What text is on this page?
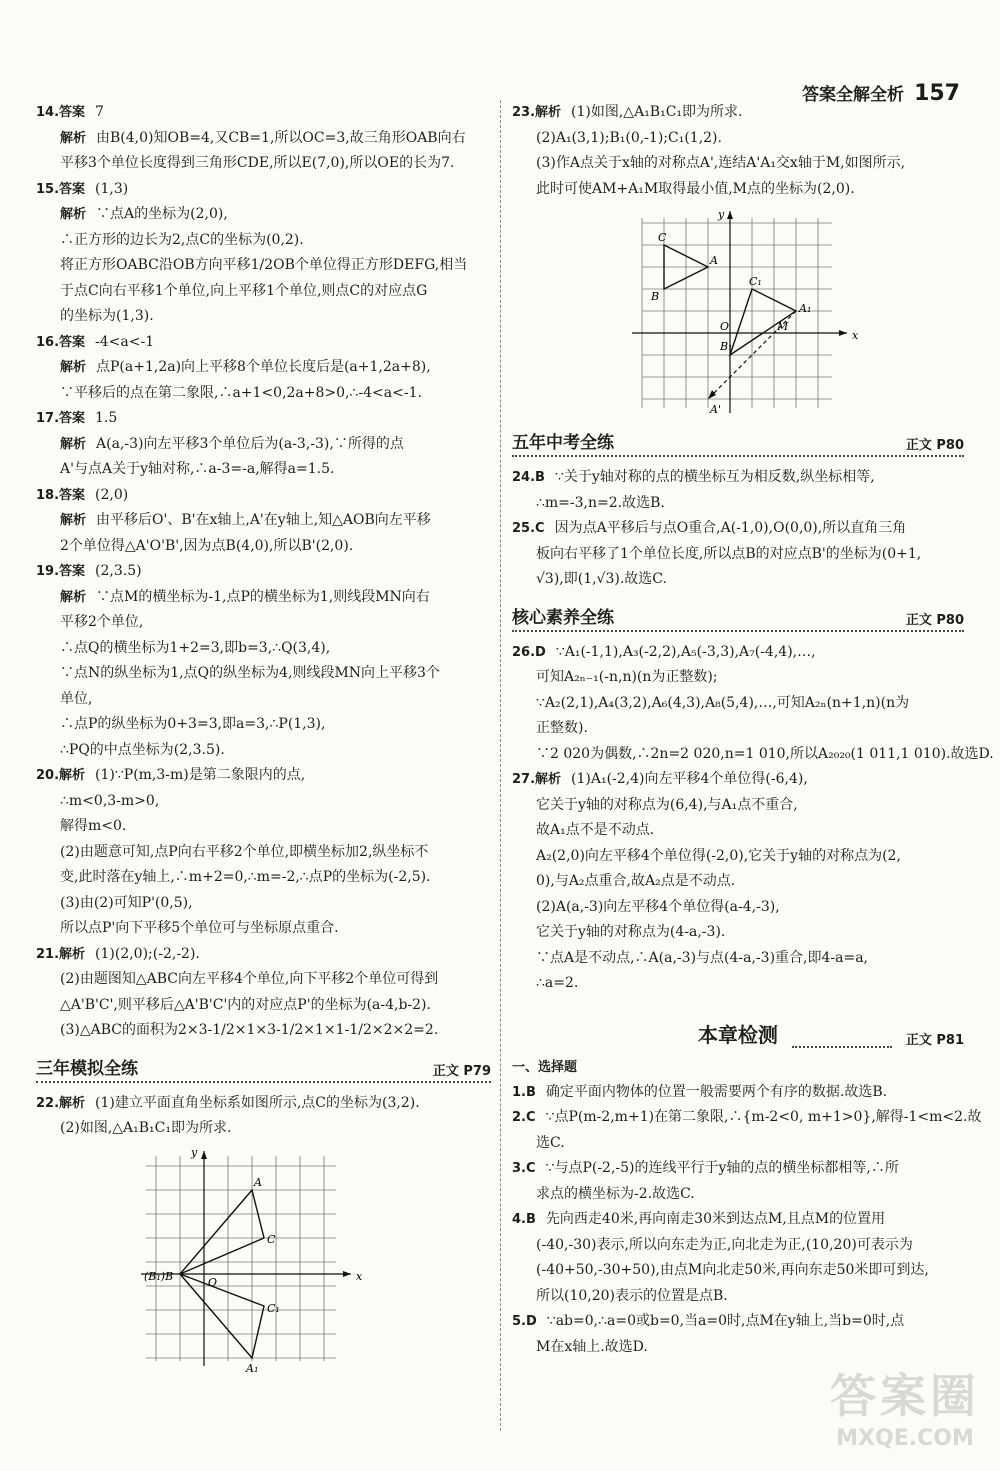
答案全解全析 157

14.答案 7

解析 由B(4,0)知OB=4,又CB=1,所以OC=3,故三角形OAB向右

平移3个单位长度得到三角形CDE,所以E(7,0),所以OE的长为7.

15.答案 (1,3)

解析 ∵点A的坐标为(2,0),

∴正方形的边长为2,点C的坐标为(0,2).

将正方形OABC沿OB方向平移1/2OB个单位得正方形DEFG,相当

于点C向右平移1个单位,向上平移1个单位,则点C的对应点G

的坐标为(1,3).

16.答案 -4<a<-1

解析 点P(a+1,2a)向上平移8个单位长度后是(a+1,2a+8),

∵平移后的点在第二象限,∴a+1<0,2a+8>0,∴-4<a<-1.

17.答案 1.5

解析 A(a,-3)向左平移3个单位后为(a-3,-3),∵所得的点

A'与点A关于y轴对称,∴a-3=-a,解得a=1.5.

18.答案 (2,0)

解析 由平移后O'、B'在x轴上,A'在y轴上,知△AOB向左平移

2个单位得△A'O'B',因为点B(4,0),所以B'(2,0).

19.答案 (2,3.5)

解析 ∵点M的横坐标为-1,点P的横坐标为1,则线段MN向右

平移2个单位,

∴点Q的横坐标为1+2=3,即b=3,∴Q(3,4),

∵点N的纵坐标为1,点Q的纵坐标为4,则线段MN向上平移3个

单位,

∴点P的纵坐标为0+3=3,即a=3,∴P(1,3),

∴PQ的中点坐标为(2,3.5).

20.解析 (1)∵P(m,3-m)是第二象限内的点,

∴m<0,3-m>0,

解得m<0.

(2)由题意可知,点P向右平移2个单位,即横坐标加2,纵坐标不

变,此时落在y轴上,∴m+2=0,∴m=-2,∴点P的坐标为(-2,5).

(3)由(2)可知P'(0,5),

所以点P'向下平移5个单位可与坐标原点重合.

21.解析 (1)(2,0);(-2,-2).

(2)由题图知△ABC向左平移4个单位,向下平移2个单位可得到

△A'B'C',则平移后△A'B'C'内的对应点P'的坐标为(a-4,b-2).

(3)△ABC的面积为2×3-1/2×1×3-1/2×1×1-1/2×2×2=2.

三年模拟全练	正文 P79

22.解析 (1)建立平面直角坐标系如图所示,点C的坐标为(3,2).

(2)如图,△A₁B₁C₁即为所求.

x
y
A
C
(B₁)B	O
C₁
A₁

23.解析 (1)如图,△A₁B₁C₁即为所求.

(2)A₁(3,1);B₁(0,-1);C₁(1,2).

(3)作A点关于x轴的对称点A',连结A'A₁交x轴于M,如图所示,

此时可使AM+A₁M取得最小值,M点的坐标为(2,0).

x
y
C
A
B
C₁
A₁
O	M
B₁
A'
五年中考全练	正文 P80

24.B ∵关于y轴对称的点的横坐标互为相反数,纵坐标相等,

∴m=-3,n=2.故选B.

25.C 因为点A平移后与点O重合,A(-1,0),O(0,0),所以直角三角

板向右平移了1个单位长度,所以点B的对应点B'的坐标为(0+1,

√3),即(1,√3).故选C.

核心素养全练	正文 P80

26.D ∵A₁(-1,1),A₃(-2,2),A₅(-3,3),A₇(-4,4),…,

可知A₂ₙ₋₁(-n,n)(n为正整数);

∵A₂(2,1),A₄(3,2),A₆(4,3),A₈(5,4),…,可知A₂ₙ(n+1,n)(n为

正整数).

∵2 020为偶数,∴2n=2 020,n=1 010,所以A₂₀₂₀(1 011,1 010).故选D.

27.解析 (1)A₁(-2,4)向左平移4个单位得(-6,4),

它关于y轴的对称点为(6,4),与A₁点不重合,

故A₁点不是不动点.

A₂(2,0)向左平移4个单位得(-2,0),它关于y轴的对称点为(2,

0),与A₂点重合,故A₂点是不动点.

(2)A(a,-3)向左平移4个单位得(a-4,-3),

它关于y轴的对称点为(4-a,-3).

∵点A是不动点,∴A(a,-3)与点(4-a,-3)重合,即4-a=a,

∴a=2.

本章检测	正文 P81
一、选择题

1.B 确定平面内物体的位置一般需要两个有序的数据.故选B.

2.C ∵点P(m-2,m+1)在第二象限,∴{m-2<0, m+1>0},解得-1<m<2.故

选C.

3.C ∵与点P(-2,-5)的连线平行于y轴的点的横坐标都相等,∴所

求点的横坐标为-2.故选C.

4.B 先向西走40米,再向南走30米到达点M,且点M的位置用

(-40,-30)表示,所以向东走为正,向北走为正,(10,20)可表示为

(-40+50,-30+50),由点M向北走50米,再向东走50米即可到达,

所以(10,20)表示的位置是点B.

5.D ∵ab=0,∴a=0或b=0,当a=0时,点M在y轴上,当b=0时,点

M在x轴上.故选D.

答案圈
MXQE.COM
